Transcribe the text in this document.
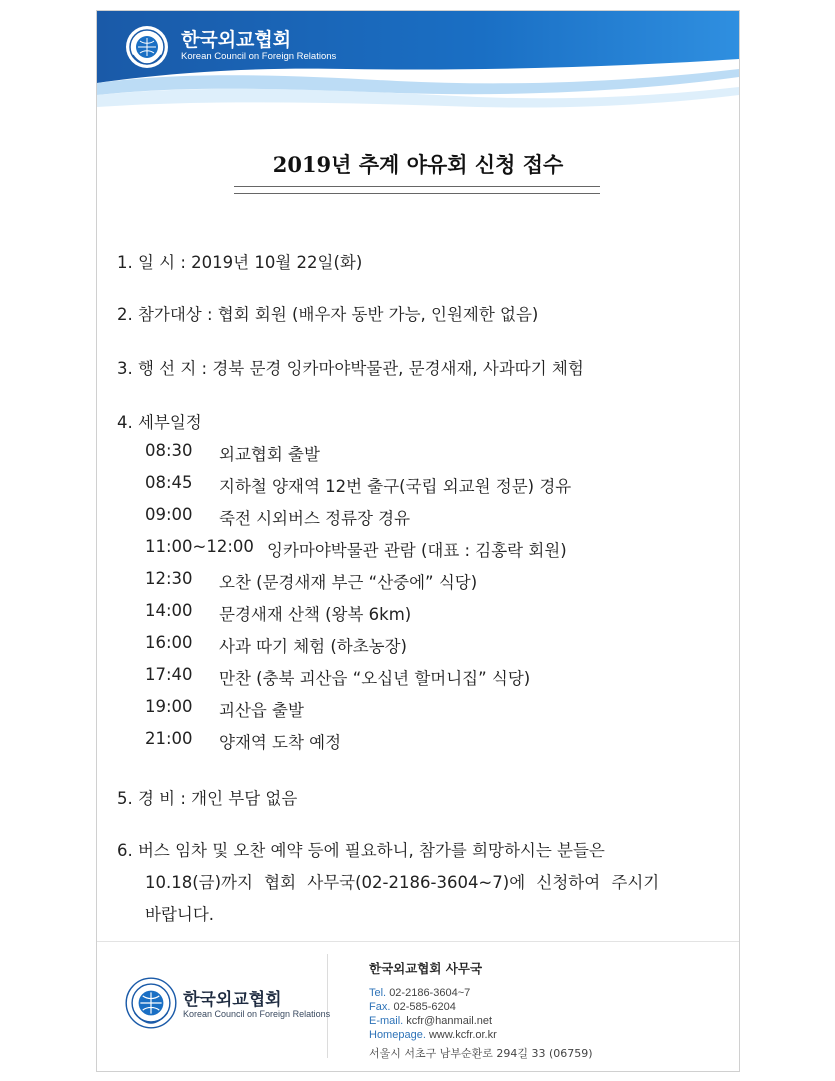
한국외교협회
Korean Council on Foreign Relations
2019년 추계 야유회 신청 접수
1. 일 시 : 2019년 10월 22일(화)
2. 참가대상 : 협회 회원 (배우자 동반 가능, 인원제한 없음)
3. 행 선 지 : 경북 문경 잉카마야박물관, 문경새재, 사과따기 체험
4. 세부일정
08:30 외교협회 출발
08:45 지하철 양재역 12번 출구(국립 외교원 정문) 경유
09:00 죽전 시외버스 정류장 경유
11:00~12:00 잉카마야박물관 관람 (대표 : 김홍락 회원)
12:30 오찬 (문경새재 부근 “산중에” 식당)
14:00 문경새재 산책 (왕복 6km)
16:00 사과 따기 체험 (하초농장)
17:40 만찬 (충북 괴산읍 “오십년 할머니집” 식당)
19:00 괴산읍 출발
21:00 양재역 도착 예정
5. 경 비 : 개인 부담 없음
6. 버스 임차 및 오찬 예약 등에 필요하니, 참가를 희망하시는 분들은
10.18(금)까지 협회 사무국(02-2186-3604~7)에 신청하여 주시기
바랍니다.
한국외교협회
Korean Council on Foreign Relations
한국외교협회 사무국
Tel. 02-2186-3604~7
Fax. 02-585-6204
E-mail. kcfr@hanmail.net
Homepage. www.kcfr.or.kr
서울시 서초구 남부순환로 294길 33 (06759)
